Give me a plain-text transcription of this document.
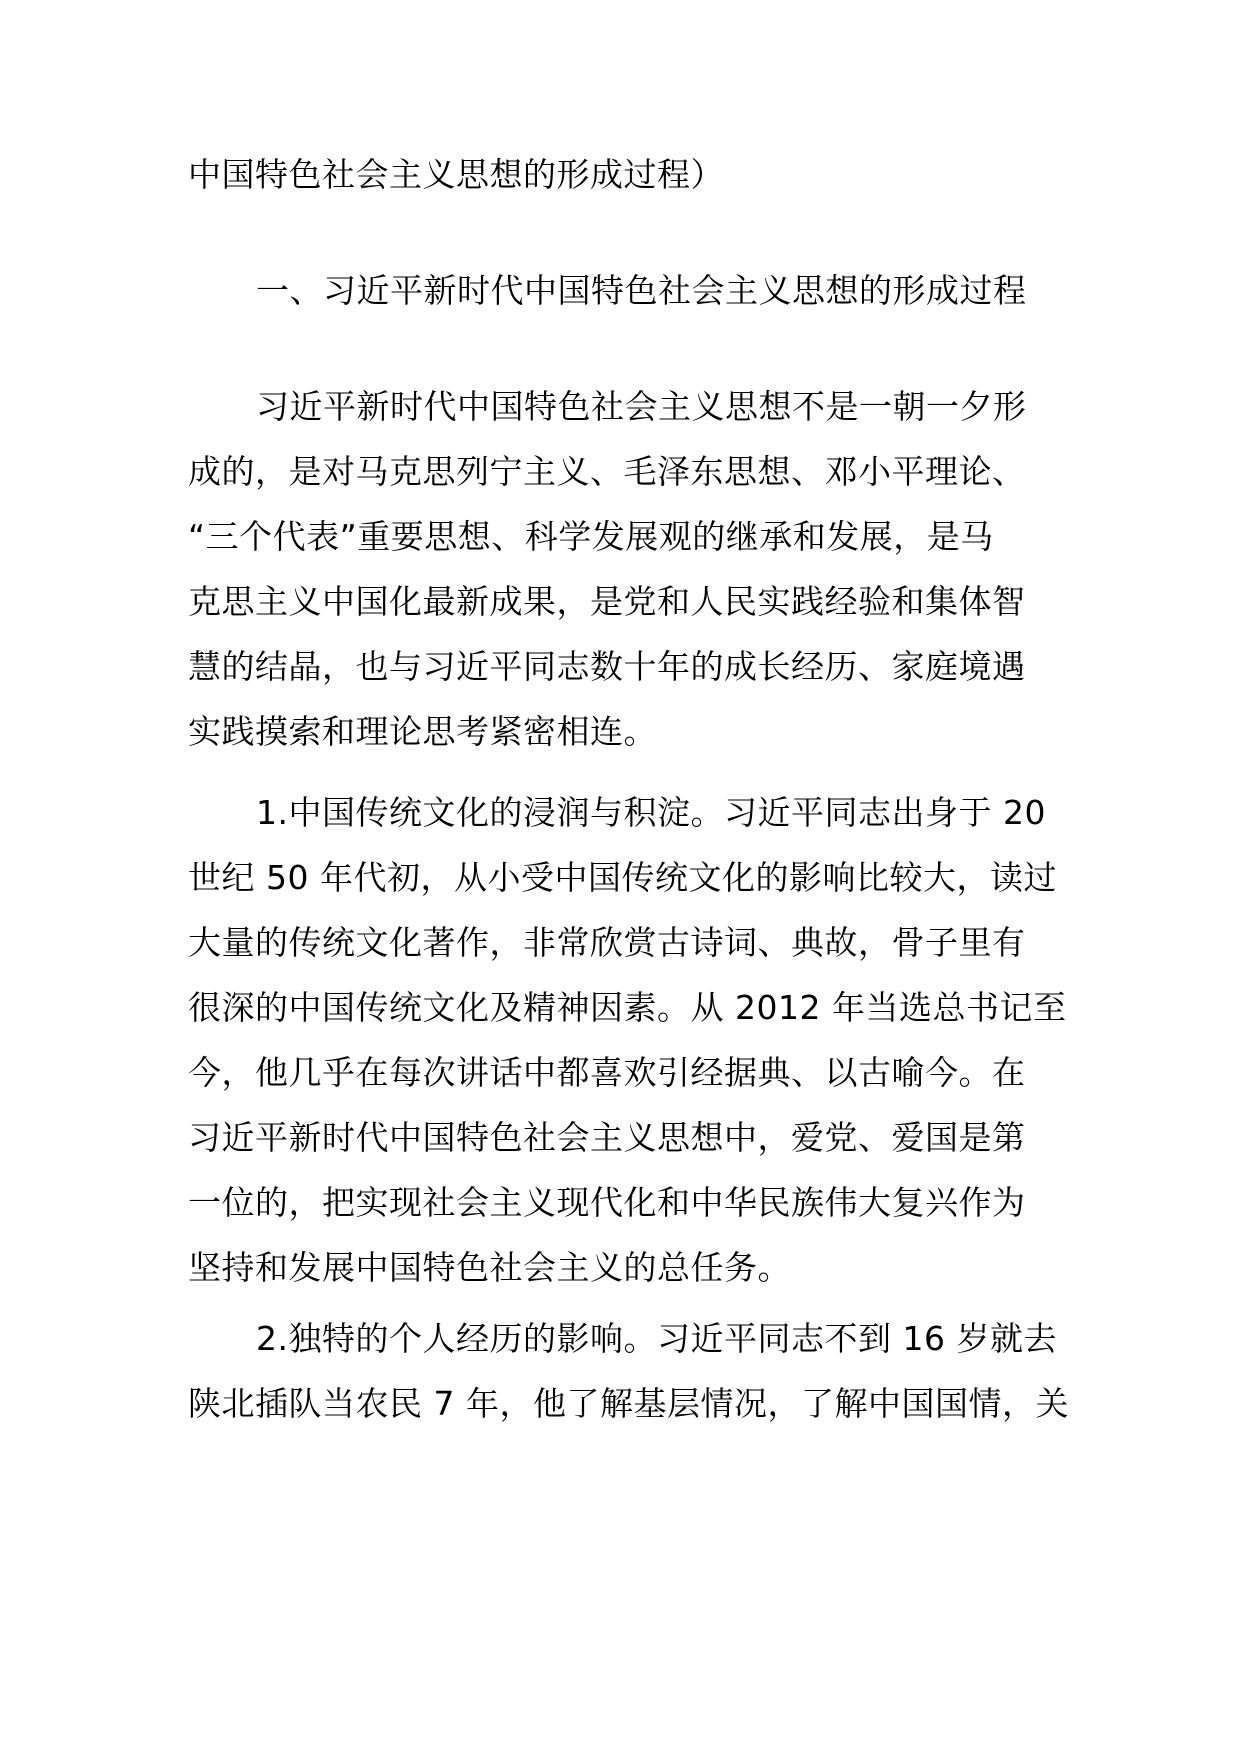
中国特色社会主义思想的形成过程）

一、习近平新时代中国特色社会主义思想的形成过程

习近平新时代中国特色社会主义思想不是一朝一夕形
成的，是对马克思列宁主义、毛泽东思想、邓小平理论、
“三个代表”重要思想、科学发展观的继承和发展，是马
克思主义中国化最新成果，是党和人民实践经验和集体智
慧的结晶，也与习近平同志数十年的成长经历、家庭境遇
实践摸索和理论思考紧密相连。

1.中国传统文化的浸润与积淀。习近平同志出身于 20
世纪 50 年代初，从小受中国传统文化的影响比较大，读过
大量的传统文化著作，非常欣赏古诗词、典故，骨子里有
很深的中国传统文化及精神因素。从 2012 年当选总书记至
今，他几乎在每次讲话中都喜欢引经据典、以古喻今。在
习近平新时代中国特色社会主义思想中，爱党、爱国是第
一位的，把实现社会主义现代化和中华民族伟大复兴作为
坚持和发展中国特色社会主义的总任务。

2.独特的个人经历的影响。习近平同志不到 16 岁就去
陕北插队当农民 7 年，他了解基层情况，了解中国国情，关
